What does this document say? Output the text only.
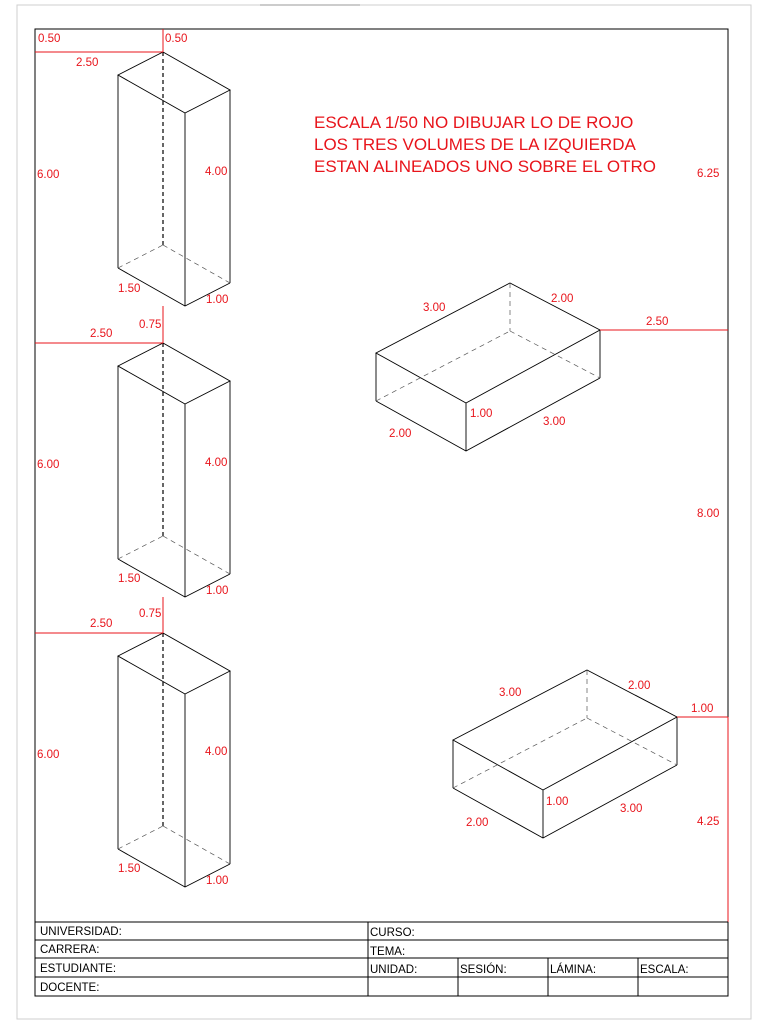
ESCALA 1/50 NO DIBUJAR LO DE ROJO
LOS TRES VOLUMES DE LA IZQUIERDA
ESTAN ALINEADOS UNO SOBRE EL OTRO
0.50	0.50
2.50
6.00	4.00
1.50
1.00
0.75
2.50
6.00	4.00
1.50
1.00
0.75
2.50
6.00	4.00
1.50
1.00
6.25
3.00
2.00
2.50
1.00
3.00
2.00
8.00
3.00
2.00
1.00
1.00
3.00
2.00	4.25
UNIVERSIDAD:	CURSO:
CARRERA:	TEMA:
ESTUDIANTE:	UNIDAD:	SESIÓN:	LÁMINA:	ESCALA:
DOCENTE:
